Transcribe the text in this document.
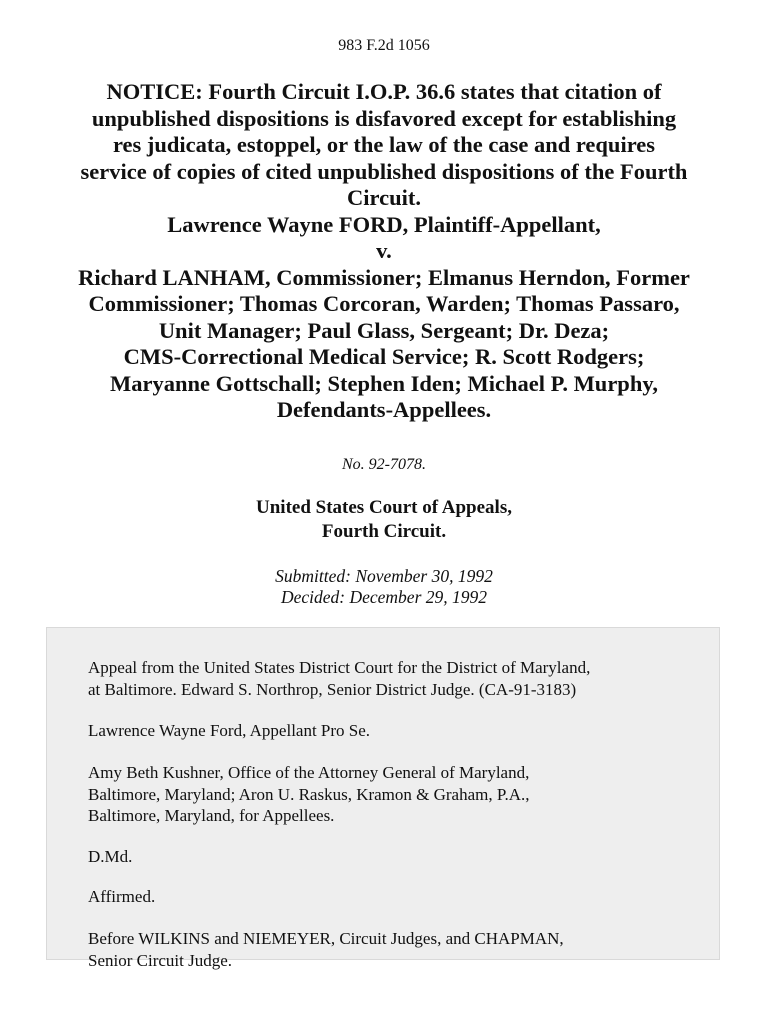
983 F.2d 1056
NOTICE: Fourth Circuit I.O.P. 36.6 states that citation of
unpublished dispositions is disfavored except for establishing
res judicata, estoppel, or the law of the case and requires
service of copies of cited unpublished dispositions of the Fourth
Circuit.
Lawrence Wayne FORD, Plaintiff-Appellant,
v.
Richard LANHAM, Commissioner; Elmanus Herndon, Former
Commissioner; Thomas Corcoran, Warden; Thomas Passaro,
Unit Manager; Paul Glass, Sergeant; Dr. Deza;
CMS-Correctional Medical Service; R. Scott Rodgers;
Maryanne Gottschall; Stephen Iden; Michael P. Murphy,
Defendants-Appellees.
No. 92-7078.
United States Court of Appeals,
Fourth Circuit.
Submitted: November 30, 1992
Decided: December 29, 1992
Appeal from the United States District Court for the District of Maryland,
at Baltimore. Edward S. Northrop, Senior District Judge. (CA-91-3183)
Lawrence Wayne Ford, Appellant Pro Se.
Amy Beth Kushner, Office of the Attorney General of Maryland,
Baltimore, Maryland; Aron U. Raskus, Kramon & Graham, P.A.,
Baltimore, Maryland, for Appellees.
D.Md.
Affirmed.
Before WILKINS and NIEMEYER, Circuit Judges, and CHAPMAN,
Senior Circuit Judge.
